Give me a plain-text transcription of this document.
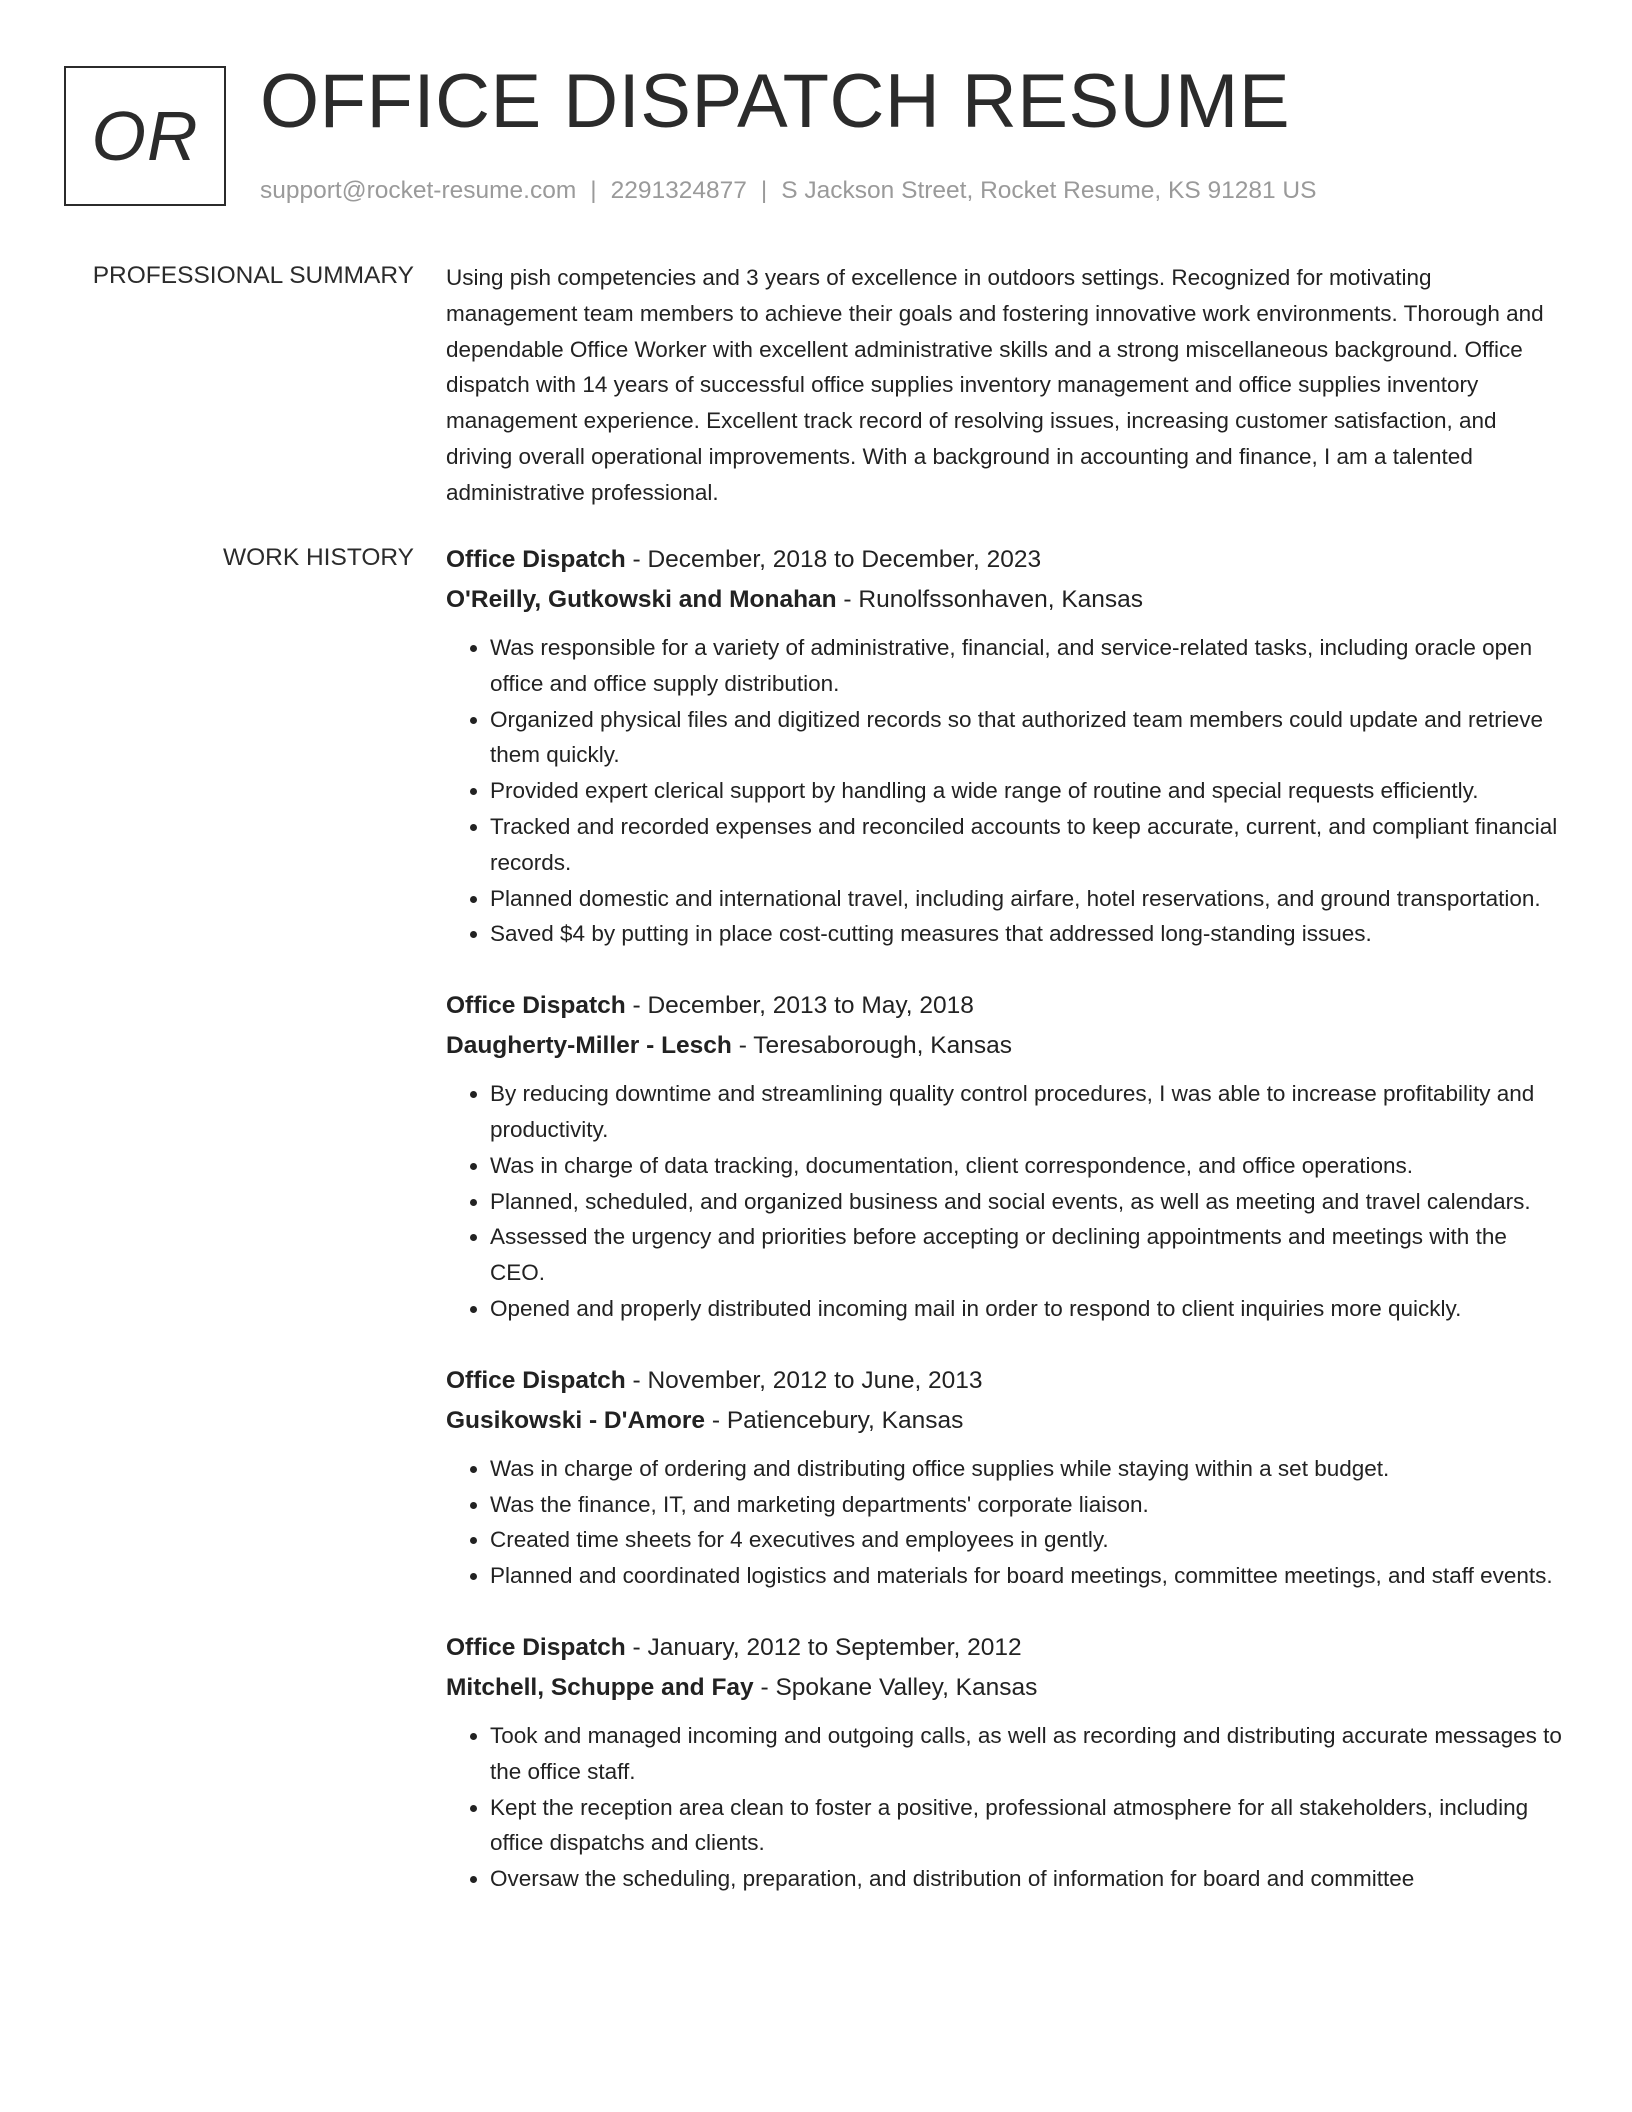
OR OFFICE DISPATCH RESUME
support@rocket-resume.com | 2291324877 | S Jackson Street, Rocket Resume, KS 91281 US
PROFESSIONAL SUMMARY Using pish competencies and 3 years of excellence in outdoors settings. Recognized for motivating management team members to achieve their goals and fostering innovative work environments. Thorough and dependable Office Worker with excellent administrative skills and a strong miscellaneous background. Office dispatch with 14 years of successful office supplies inventory management and office supplies inventory management experience. Excellent track record of resolving issues, increasing customer satisfaction, and driving overall operational improvements. With a background in accounting and finance, I am a talented administrative professional.

WORK HISTORY Office Dispatch - December, 2018 to December, 2023
O'Reilly, Gutkowski and Monahan - Runolfssonhaven, Kansas
• Was responsible for a variety of administrative, financial, and service-related tasks, including oracle open office and office supply distribution.
• Organized physical files and digitized records so that authorized team members could update and retrieve them quickly.
• Provided expert clerical support by handling a wide range of routine and special requests efficiently.
• Tracked and recorded expenses and reconciled accounts to keep accurate, current, and compliant financial records.
• Planned domestic and international travel, including airfare, hotel reservations, and ground transportation.
• Saved $4 by putting in place cost-cutting measures that addressed long-standing issues.
Office Dispatch - December, 2013 to May, 2018
Daugherty-Miller - Lesch - Teresaborough, Kansas
• By reducing downtime and streamlining quality control procedures, I was able to increase profitability and productivity.
• Was in charge of data tracking, documentation, client correspondence, and office operations.
• Planned, scheduled, and organized business and social events, as well as meeting and travel calendars.
• Assessed the urgency and priorities before accepting or declining appointments and meetings with the CEO.
• Opened and properly distributed incoming mail in order to respond to client inquiries more quickly.
Office Dispatch - November, 2012 to June, 2013
Gusikowski - D'Amore - Patiencebury, Kansas
• Was in charge of ordering and distributing office supplies while staying within a set budget.
• Was the finance, IT, and marketing departments' corporate liaison.
• Created time sheets for 4 executives and employees in gently.
• Planned and coordinated logistics and materials for board meetings, committee meetings, and staff events.
Office Dispatch - January, 2012 to September, 2012
Mitchell, Schuppe and Fay - Spokane Valley, Kansas
• Took and managed incoming and outgoing calls, as well as recording and distributing accurate messages to the office staff.
• Kept the reception area clean to foster a positive, professional atmosphere for all stakeholders, including office dispatchs and clients.
• Oversaw the scheduling, preparation, and distribution of information for board and committee
